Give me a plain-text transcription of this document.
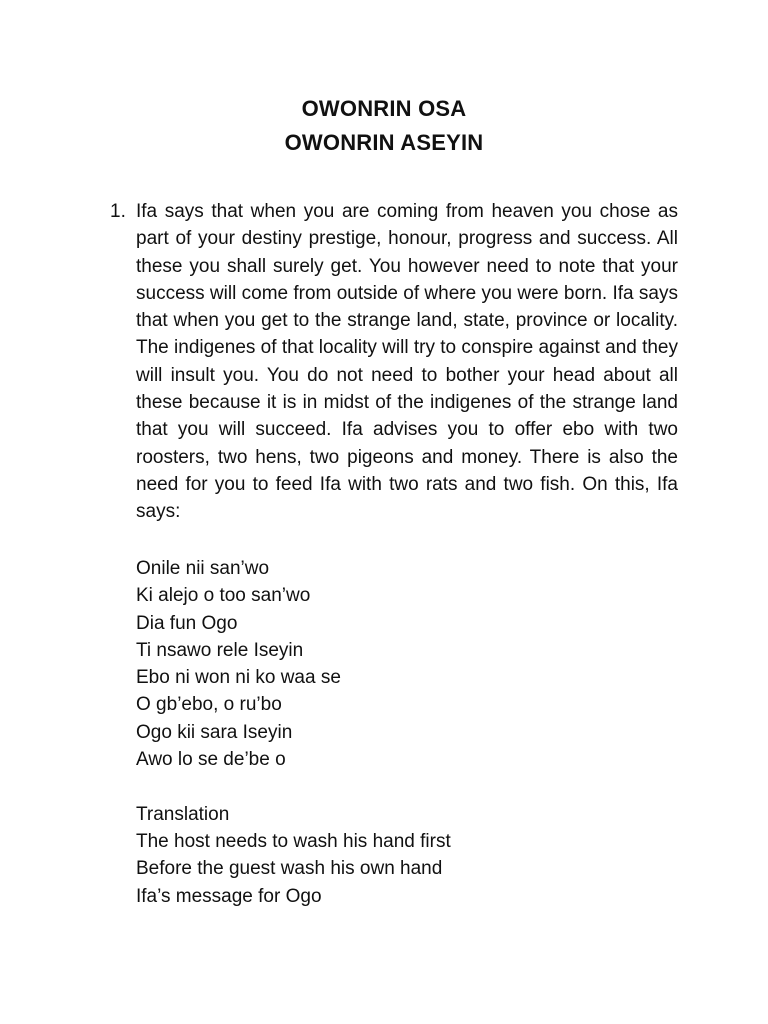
OWONRIN OSA
OWONRIN ASEYIN
1. Ifa says that when you are coming from heaven you chose as part of your destiny prestige, honour, progress and success. All these you shall surely get. You however need to note that your success will come from outside of where you were born. Ifa says that when you get to the strange land, state, province or locality. The indigenes of that locality will try to conspire against and they will insult you. You do not need to bother your head about all these because it is in midst of the indigenes of the strange land that you will succeed. Ifa advises you to offer ebo with two roosters, two hens, two pigeons and money. There is also the need for you to feed Ifa with two rats and two fish. On this, Ifa says:

Onile nii san’wo
Ki alejo o too san’wo
Dia fun Ogo
Ti nsawo rele Iseyin
Ebo ni won ni ko waa se
O gb’ebo, o ru’bo
Ogo kii sara Iseyin
Awo lo se de’be o
Translation
The host needs to wash his hand first
Before the guest wash his own hand
Ifa’s message for Ogo
